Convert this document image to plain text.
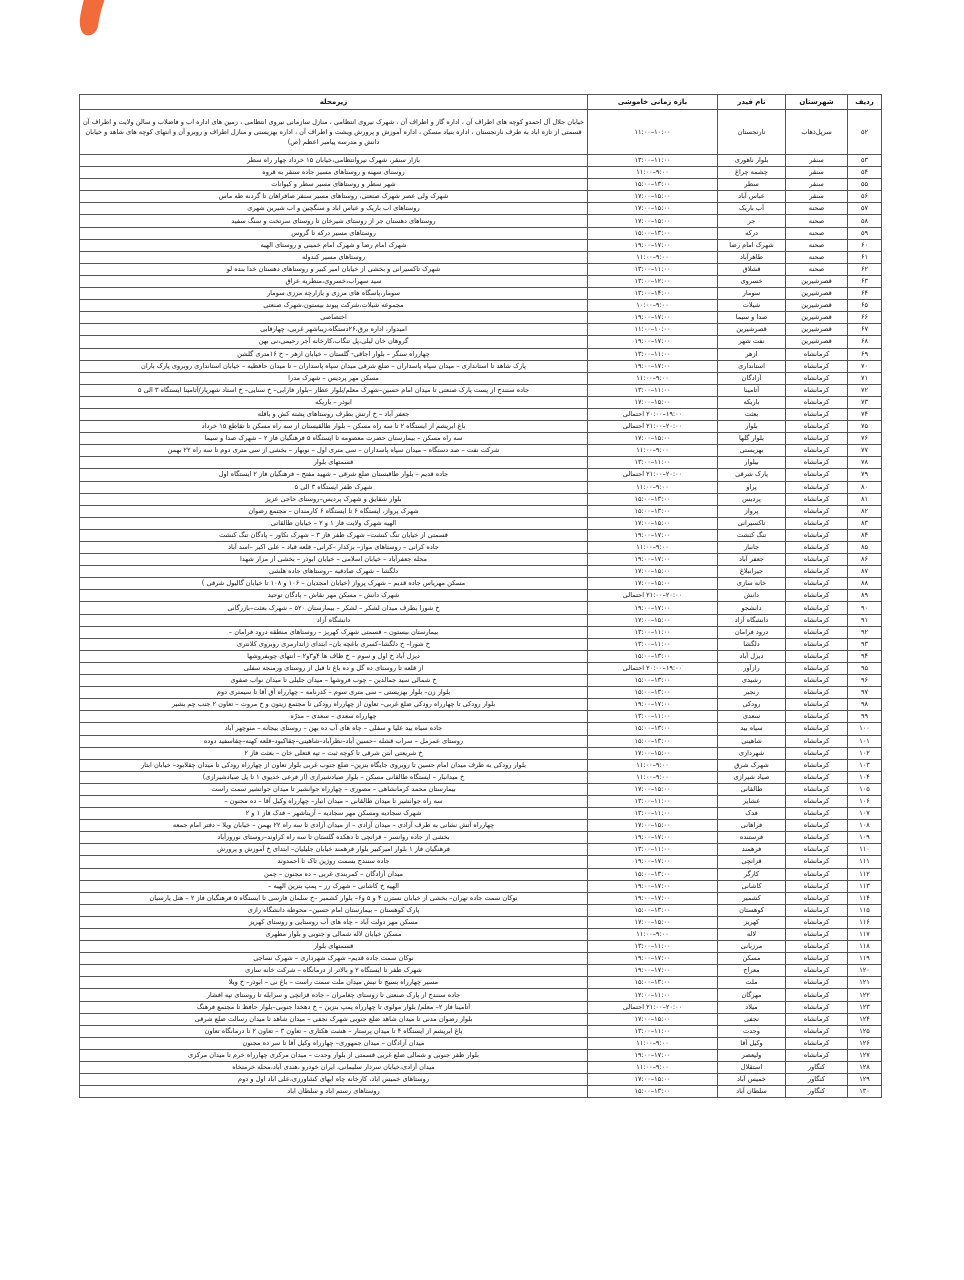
ردیف	شهرستان	نام فیدر	بازه زمانی خاموشی	زیرمحله
۵۲	سرپل‌ذهاب	نارنجستان	۱۰:۰۰–۱۱:۰۰	خیابان جلال آل احمدو کوچه های اطراف آن ، اداره گاز و اطراف آن ، شهرک نیروی انتظامی ، منازل سازمانی نیروی انتظامی ، زمین های اداره اب و فاضلاب و سالن ولایت و اطراف آن قسمتی از تازه اباد به طرف نارنجستان ، اداره بنیاد مسکن ، اداره آموزش و پرورش ویشت و اطراف آن ، اداره بهزیستی و منازل اطراف و روبرو آن و انتهای کوچه های شاهد و خیابان دانش و مدرسه پیامبر اعظم (ص)
۵۳	سنقر	بلوار ناهوری	۱۱:۰۰–۱۳:۰۰	بازار سنقر، شهرک نیروانتظامی،خیابان ۱۵ خرداد چهار راه سطر
۵۴	سنقر	چشمه چراغ	۹:۰۰–۱۱:۰۰	روستای سهنه و روستاهای مسیر جاده سنقر به قروه
۵۵	سنقر	سطر	۱۳:۰۰–۱۵:۰۰	شهر سطر و روستاهای مسیر سطر و کیوانات
۵۶	سنقر	عباس آباد	۱۵:۰۰–۱۷:۰۰	شهرک ولی عصر شهرک صنعتی، روستاهای مسیر سنقر صافراهان تا گردنه طه ماس
۵۷	صحنه	آب باریک	۱۵:۰۰–۱۷:۰۰	روستاهای اب باریک و عباس اباد و سنگچین و اب شیرین شهری
۵۸	صحنه	جر	۱۵:۰۰–۱۷:۰۰	روستاهای دهستان جر از روستای شیرخان تا روستای سرتخت و سنگ سفید
۵۹	صحنه	درکه	۱۳:۰۰–۱۵:۰۰	روستاهای مسیر درکه تا گروس
۶۰	صحنه	شهرک امام رضا	۱۷:۰۰–۱۹:۰۰	شهرک امام رضا و شهرک امام خمینی و روستای الهیه
۶۱	صحنه	طاهرآباد	۹:۰۰–۱۱:۰۰	روستاهای مسیر کندوله
۶۲	صحنه	قشلاق	۱۱:۰۰–۱۳:۰۰	شهرک تاکسیرانی و بخشی از خیابان امیر کبیر و روستاهای دهستان خدا بنده لو
۶۳	قصرشیرین	خسروی	۱۲:۰۰–۱۳:۰۰	سید سهراب،خسروی،منطریه عراق
۶۴	قصرشیرین	سومار	۱۴:۰۰–۱۳:۰۰	سومار،پاسگاه های مرزی و بازارچه مرزی سومار
۶۵	قصرشیرین	شیلات	۹:۰۰–۱۰:۰۰	مجموعه شیلات،شرکت پیوند بیستون،شهرک صنعتی
۶۶	قصرشیرین	صدا و سیما	۱۷:۰۰–۱۹:۰۰	اختصاصی
۶۷	قصرشیرین	قصرشیرین	۱۰:۰۰–۱۱:۰۰	امیدوار، اداره برق،۲۶دستگاه،زیباشهر غربی، چهارقابی
۶۸	قصرشیرین	نفت شهر	۱۷:۰۰–۱۹:۰۰	گروهان خان لیلی،پل تنگاب،کارخانه آجر رحیمی،نی بهن
۶۹	کرمانشاه	ازهر	۱۱:۰۰–۱۳:۰۰	چهارراه سنگر – بلوار اجاقی- گلستان – خیابان ازهر – خ ۱۶متری گلشن
۷۰	کرمانشاه	استانداری	۱۷:۰۰–۱۹:۰۰	پارک شاهد تا استانداری – میدان سپاه پاسداران – ضلع شرقی میدان سپاه پاسداران – تا میدان حافظیه – خیابان استانداری روبروی پارک باران
۷۱	کرمانشاه	آزادگان	۹:۰۰–۱۱:۰۰	مسکن مهر پردیس – شهرک مدرا
۷۲	کرمانشاه	آتامینا	۱۱:۰۰–۱۳:۰۰	جاده سنندج از پست پارک صنعتی تا میدان امام حسین–شهرک معلم/بلوار عطار –بلوار فارابی– خ سنایی– خ استاد شهریار/آتامینا ایستگاه ۳ الی ۵
۷۳	کرمانشاه	باریکه	۱۵:۰۰–۱۷:۰۰	ابوذر – باریکه
۷۴	کرمانشاه	بعثت	۱۹:۰۰–۲۰:۰۰ احتمالی	جعفر آباد – خ ارتش بطرف روستاهای پشته کش و باقله
۷۵	کرمانشاه	بلوار	۲۰:۰۰–۲۱:۰۰ احتمالی	باغ ابریشم از ایستگاه ۲ تا سه راه مسکن – بلوار طالقیستان از سه راه مسکن تا تقاطع ۱۵ خرداد
۷۶	کرمانشاه	بلوار گلها	۱۵:۰۰–۱۷:۰۰	سه راه مسکن – بیمارستان حضرت معصومه تا ایستگاه ۵ فرهنگیان فاز ۲ – شهرک صدا و سیما
۷۷	کرمانشاه	بهزیستی	۹:۰۰–۱۱:۰۰	شرکت نفت – صد دستگاه – میدان سپاه پاسداران – سی متری اول – نوبهار – بخشی از سی متری دوم تا سه راه ۲۲ بهمن
۷۸	کرمانشاه	بیلوار	۱۱:۰۰–۱۳:۰۰	قسمتهای بلوار
۷۹	کرمانشاه	پارک شرقی	۲۰:۰۰–۲۱:۰۰ احتمالی	جاده قدیم – بلوار طاقبستان ضلع شرقی – شهید مفتح – فرهنگیان فاز ۲ ایستگاه اول
۸۰	کرمانشاه	پراو	۹:۰۰–۱۱:۰۰	شهرک ظفر ایستگاه ۳ الی ۵
۸۱	کرمانشاه	پردیس	۱۳:۰۰–۱۵:۰۰	بلوار شقایق و شهرک پردیس–روستای حاجی عزیز
۸۲	کرمانشاه	پرواز	۱۳:۰۰–۱۵:۰۰	شهرک پرواز، ایستگاه ۶ تا ایستگاه ۶ کارمندان – مجتمع رضوان
۸۳	کرمانشاه	تاکسیرانی	۱۵:۰۰–۱۷:۰۰	الهیه شهرک ولایت فاز ۱ و ۲ – خیابان طالقانی
۸۴	کرمانشاه	تنگ کنشت	۱۷:۰۰–۱۹:۰۰	قسمتی از خیابان تنگ کنشت– شهرک ظفر فاز ۳ – شهرک نکاور – پادگان تنگ کنشت
۸۵	کرمانشاه	جانباز	۹:۰۰–۱۱:۰۰	جاده کرانی – روستاهای مواز– بزکدار –کرانی– قلعه قباد – علی اکبر –اسد آباد
۸۶	کرمانشاه	جعفر آباد	۱۷:۰۰–۱۹:۰۰	محله جعفرآباد – خیابان اسلامی – خیابان ابوذر – بخشی از مزار شهدا
۸۷	کرمانشاه	جیرانبلاغ	۱۵:۰۰–۱۷:۰۰	دلگشا – شهرک صادقیه –روستاهای جاده هلشی
۸۸	کرمانشاه	خانه سازی	۱۵:۰۰–۱۷:۰۰	مسکن مهریاس جاده قدیم – شهرک پرواز (خیابان امجدیان – ۱۰۶ و ۱۰۸ تا خیابان گالیول شرقی )
۸۹	کرمانشاه	دانش	۲۰:۰۰–۲۱:۰۰ احتمالی	شهرک دانش – مسکن مهر نقاش – پادگان توحید
۹۰	کرمانشاه	دانشجو	۱۷:۰۰–۱۹:۰۰	خ شورا بطرف میدان لشکر – لشکر – بیمارستان ۵۲۰ – شهرک بعثت–بازرگانی
۹۱	کرمانشاه	دانشگاه آزاد	۱۵:۰۰–۱۷:۰۰	دانشگاه آزاد
۹۲	کرمانشاه	درود فرامان	۱۱:۰۰–۱۳:۰۰	بیمارستان بیستون – قسمتی شهرک کهریز – روستاهای منطقه درود فرامان –
۹۳	کرمانشاه	دلگشا	۱۱:۰۰–۱۳:۰۰	خ شورا– خ دلگشا–کسری باغچه بان– ابتدای ژاندارمری روبروی کلانتری
۹۴	کرمانشاه	دیزل آباد	۱۳:۰۰–۱۵:۰۰	دیزل آباد خ اول و سوم – خ ظاف ها ۴و۳و۲ – انتهای چوبفروشها
۹۵	کرمانشاه	رازآور	۱۹:۰۰–۲۰:۰۰ احتمالی	از قلعه تا روستای ده گل و ده باغ تا قبل از روستای ورمنجه سفلی
۹۶	کرمانشاه	رشیدی	۱۳:۰۰–۱۵:۰۰	خ شمالی سید جمالدین – چوب فروشها – میدان جلیلی تا میدان نواب صفوی
۹۷	کرمانشاه	رنجبر	۱۳:۰۰–۱۵:۰۰	بلوار زن– بلوار بهزیستی – سی متری سوم – کذرنامه – چهارراه آق آقا تا سیمتری دوم
۹۸	کرمانشاه	رودکی	۱۷:۰۰–۱۹:۰۰	بلوار رودکی تا چهارراه رودکی ضلع غربی– تعاون از چهارراه رودکی تا مجتمع زیتون و خ مروت – تعاون ۲ جنب چم بشیر
۹۹	کرمانشاه	سعدی	۱۱:۰۰–۱۳:۰۰	چهارراه سعدی – سعدی – مدرّه
۱۰۰	کرمانشاه	سیاه بید	۱۳:۰۰–۱۵:۰۰	جاده سیاه بید علیا و سفلی – چاه های آب ده بهن – روستای بیجانه – منوچهر آباد
۱۰۱	کرمانشاه	شاهینی	۱۳:۰۰–۱۵:۰۰	روستای عمرمل – سراب قشله –حسین آباد–نظرآباد–شاهینی–چقاکبود–قلعه کهنه–چقاسفید دوده
۱۰۲	کرمانشاه	شهرداری	۱۵:۰۰–۱۷:۰۰	خ شریعتی ابتن شرقی تا کوچه ثبت – تپه قتعلی خان – بعثت فاز ۲
۱۰۳	کرمانشاه	شهرک شرق	۹:۰۰–۱۱:۰۰	بلوار رودکی به طرف میدان امام حسین تا روبروی جایگاه بنزین– ضلع جنوب غربی بلوار تعاون از چهارراه رودکی تا میدان چقلابود– خیابان ابتار
۱۰۴	کرمانشاه	صیاد شیرازی	۹:۰۰–۱۱:۰۰	خ میدانبار – ایستگاه طالقانی مسکن – بلوار صیادشیرازی (از فرعی خدیوی ۱ تا پل صیادشیرازی)
۱۰۵	کرمانشاه	طالقانی	۱۵:۰۰–۱۷:۰۰	بیمارستان محمد کرمانشاهی – مصوری – چهارراه جوانشیر تا میدان جوانشیر سمت راست
۱۰۶	کرمانشاه	عشایر	۱۱:۰۰–۱۳:۰۰	سه راه جوانشیر تا میدان طالقانی – میدان انبار– چهارراه وکیل آقا – ده مجنون –
۱۰۷	کرمانشاه	فدک	۱۱:۰۰–۱۳:۰۰	شهرک سجادیه ومسکن مهر سجادیه – آزیناشهر – فدک فاز ۱ و ۲
۱۰۸	کرمانشاه	فراهانی	۱۵:۰۰–۱۷:۰۰	چهارراه آتش نشانی به طرف آزادی – میدان آزادی – از میدان آزادی تا سه راه ۲۲ بهمن – خیابان ویلا – دفتر امام جمعه
۱۰۹	کرمانشاه	فرستنده	۱۷:۰۰–۱۹:۰۰	بخشی از جاده روانسر – قزانچی تا دهکده گلستان تا سه راه کراوند–روستای نوروزآباد
۱۱۰	کرمانشاه	فرهمند	۱۱:۰۰–۱۳:۰۰	فرهنگیان فاز ۱ بلوار امیرکبیر بلوار فرهمند خیابان جلیلیان– ابتدای خ آموزش و پرورش
۱۱۱	کرمانشاه	قزانچی	۱۷:۰۰–۱۹:۰۰	جاده سنندج بسمت روژین تاک تا احمدوند
۱۱۲	کرمانشاه	کارگر	۱۳:۰۰–۱۵:۰۰	میدان آزادگان – کمربندی غربی – ده مجنون – چمن
۱۱۳	کرمانشاه	کاشانی	۱۷:۰۰–۱۹:۰۰	الهیه خ کاشانی – شهرک رز – پمپ بنزین الهیه –
۱۱۴	کرمانشاه	کشمیر	۱۷:۰۰–۱۹:۰۰	نوکان سمت جاده تهران– بخشی از خیابان نسترن ۴ و ۵ و۶– بلوار کشمیر –خ سلمان فارسی تا ایستگاه ۵ فرهنگیان فاز ۲ – هتل پارسیان
۱۱۵	کرمانشاه	کوهستان	۱۳:۰۰–۱۵:۰۰	پارک کوهستان – بیمارستان امام حسین– محوطه دانشگاه رازی
۱۱۶	کرمانشاه	کهریز	۱۵:۰۰–۱۷:۰۰	مسکن مهر دولت آباد – چاه های آب روستایی و روستای کهریز
۱۱۷	کرمانشاه	لاله	۹:۰۰–۱۱:۰۰	مسکن خیابان لاله شمالی و جنوبی و بلوار مطهری
۱۱۸	کرمانشاه	مرزبانی	۱۱:۰۰–۱۳:۰۰	قسمتهای بلوار
۱۱۹	کرمانشاه	مسکن	۱۷:۰۰–۱۹:۰۰	نوکان سمت جاده قدیم– شهرک شهرداری – شهرک نساجی
۱۲۰	کرمانشاه	معراج	۱۷:۰۰–۱۹:۰۰	شهرک ظفر تا ایستگاه ۲ و بالاتر از درمانگاه – شرکت خانه سازی
۱۲۱	کرمانشاه	ملت	۱۳:۰۰–۱۵:۰۰	مسیر چهارراه بسیج تا نبش میدان ملت سمت راست – باغ نی – ابوذر– خ ویلا
۱۲۲	کرمانشاه	مهرگان	۱۱:۰۰–۱۲:۰۰	جاده سنندج از پارک صنعتی تا روستای چغامران – جاده قزانچی و سرابله تا روستای تپه افشار
۱۲۳	کرمانشاه	میلاد	۲۰:۰۰–۲۱:۰۰ احتمالی	آتامینا فاز ۲– معلم/ بلوار مولوی تا چهارراه پمپ بنزین – خ دهخدا جنوبی–بلوار حافظ تا مجتمع فرهنگ
۱۲۴	کرمانشاه	نجفی	۱۵:۰۰–۱۷:۰۰	بلوار رضوان مدنی تا میدان شاهد ضلع جنوبی شهرک نجفی – میدان شاهد تا میدان رسالت ضلع شرقی
۱۲۵	کرمانشاه	وحدت	۱۱:۰۰–۱۳:۰۰	باغ ابریشم از ایستگاه ۴ تا میدان پرستار – هشت هکتاری – تعاون ۳ – تعاون ۲ تا درمانگاه تعاون
۱۲۶	کرمانشاه	وکیل آقا	۹:۰۰–۱۱:۰۰	میدان آزادگان – میدان جمهوری– چهارراه وکیل آقا تا سر ده مجنون
۱۲۷	کرمانشاه	ولیعصر	۱۷:۰۰–۱۹:۰۰	بلوار ظفر جنوبی و شمالی ضلع غربی قسمتی از بلوار وحدت – میدان مرکزی چهارراه خرم تا میدان مرکزی
۱۲۸	کنگاور	استقلال	۹:۰۰–۱۱:۰۰	میدان آزادی،خیابان سردار سلیمانی، ایران خودرو ،هندی آباد،محله خرمتخاه
۱۲۹	کنگاور	خمیس آباد	۱۵:۰۰–۱۷:۰۰	روستاهای خمیس اباد، کارخانه چاه ابهای کشاورزی،علی اباد اول و دوم
۱۳۰	کنگاور	سلطان آباد	۱۳:۰۰–۱۵:۰۰	روستاهای رستم اباد و سلطان اباد
